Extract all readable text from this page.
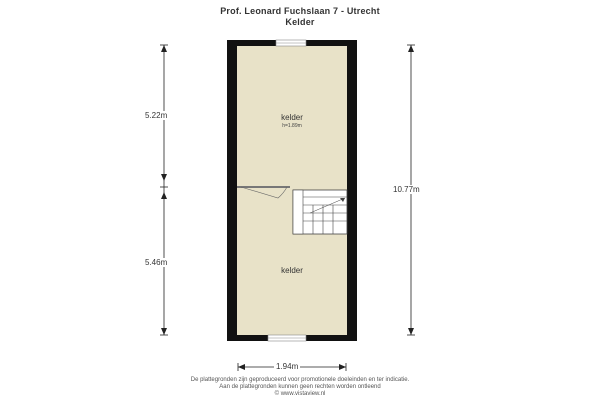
Prof. Leonard Fuchslaan 7 - Utrecht
Kelder
kelder
h=1.89m
kelder
5.22m
5.46m
10.77m
1.94m
De plattegronden zijn geproduceerd voor promotionele doeleinden en ter indicatie.
Aan de plattegronden kunnen geen rechten worden ontleend
© www.vistaview.nl
